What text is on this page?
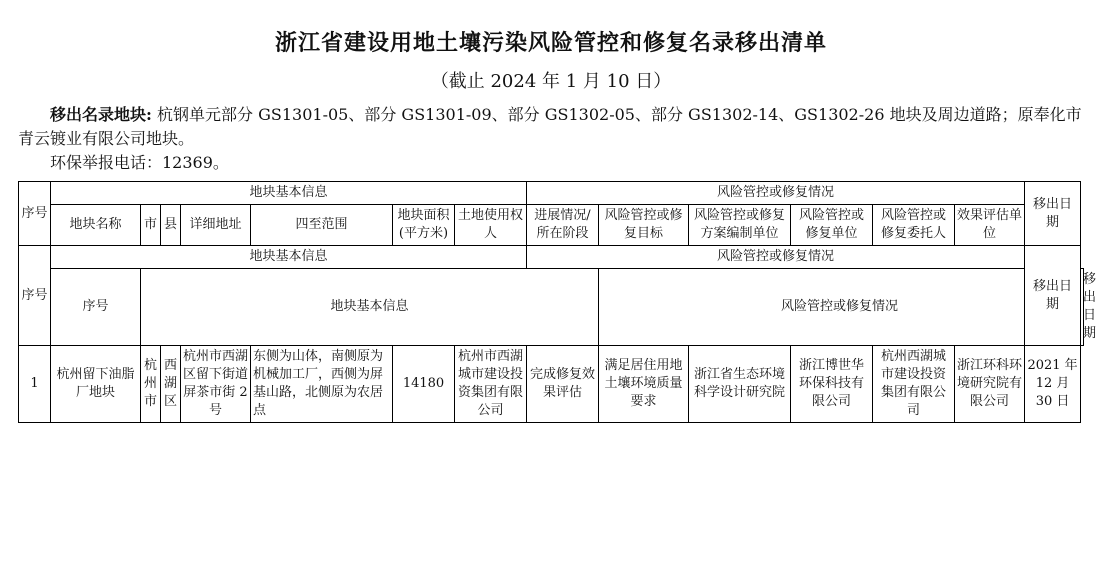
浙江省建设用地土壤污染风险管控和修复名录移出清单
（截止 2024 年 1 月 10 日）
移出名录地块: 杭钢单元部分 GS1301-05、部分 GS1301-09、部分 GS1302-05、部分 GS1302-14、GS1302-26 地块及周边道路；原奉化市青云镀业有限公司地块。
环保举报电话：12369。
序号	地块基本信息							风险管控或修复情况						移出日期	
	地块名称	市	县	详细地址	四至范围	地块面积(平方米)	土地使用权人	进展情况/所在阶段	风险管控或修复目标	风险管控或修复方案编制单位	风险管控或修复单位	风险管控或修复委托人	效果评估单位		
序号	地块基本信息							风险管控或修复情况						移出日期	
	序号	地块基本信息							风险管控或修复情况						移出日期
1	杭州留下油脂厂地块	杭州市	西湖区	杭州市西湖区留下街道屏茶市街 2 号	东侧为山体，南侧原为机械加工厂，西侧为屏基山路，北侧原为农居点	14180	杭州市西湖城市建设投资集团有限公司	完成修复效果评估	满足居住用地土壤环境质量要求	浙江省生态环境科学设计研究院	浙江博世华环保科技有限公司	杭州西湖城市建设投资集团有限公司	浙江环科环境研究院有限公司	2021 年 12 月 30 日	
